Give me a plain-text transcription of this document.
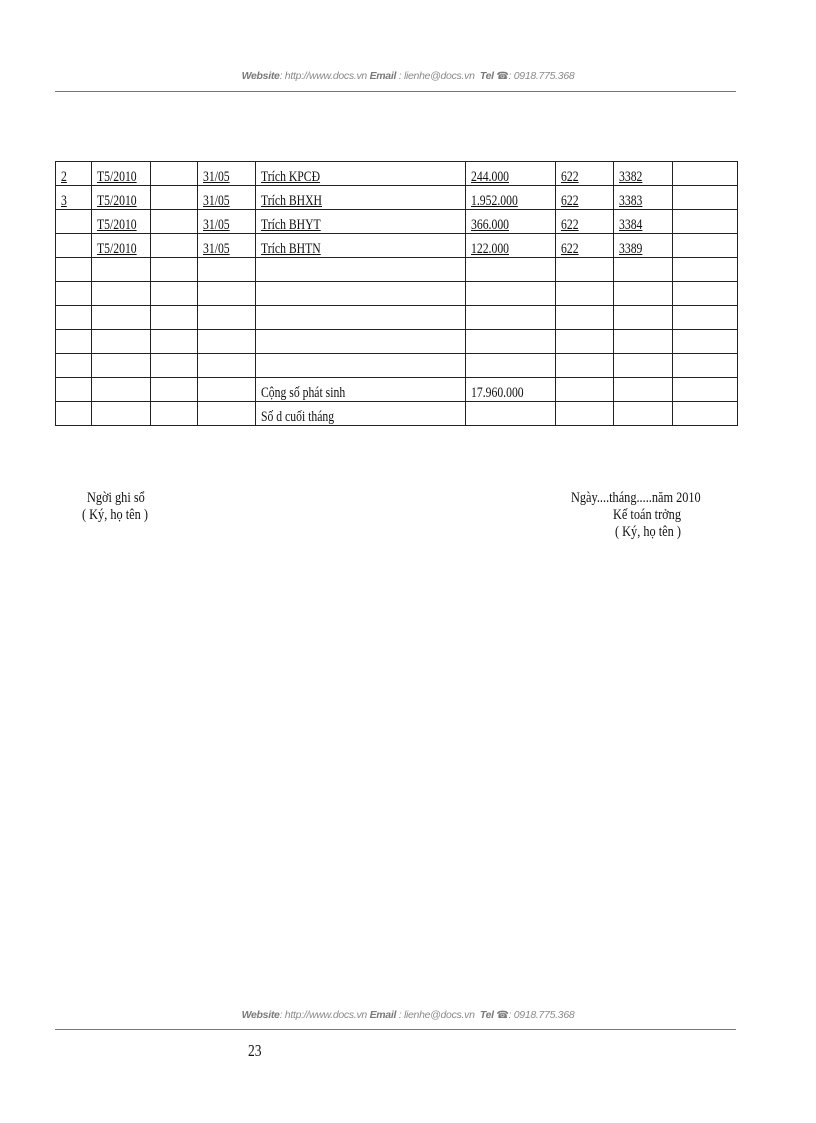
Website: http://www.docs.vn Email : lienhe@docs.vn Tel ☎: 0918.775.368
2	T5/2010		31/05	Trích KPCĐ	244.000	622	3382	
3	T5/2010		31/05	Trích BHXH	1.952.000	622	3383	
	T5/2010		31/05	Trích BHYT	366.000	622	3384	
	T5/2010		31/05	Trích BHTN	122.000	622	3389	

				Cộng số phát sinh	17.960.000			
				Số d cuối tháng				
Ngời ghi sổ
( Ký, họ tên )
Ngày....tháng.....năm 2010
Kế toán trởng
( Ký, họ tên )
Website: http://www.docs.vn Email : lienhe@docs.vn Tel ☎: 0918.775.368
23
